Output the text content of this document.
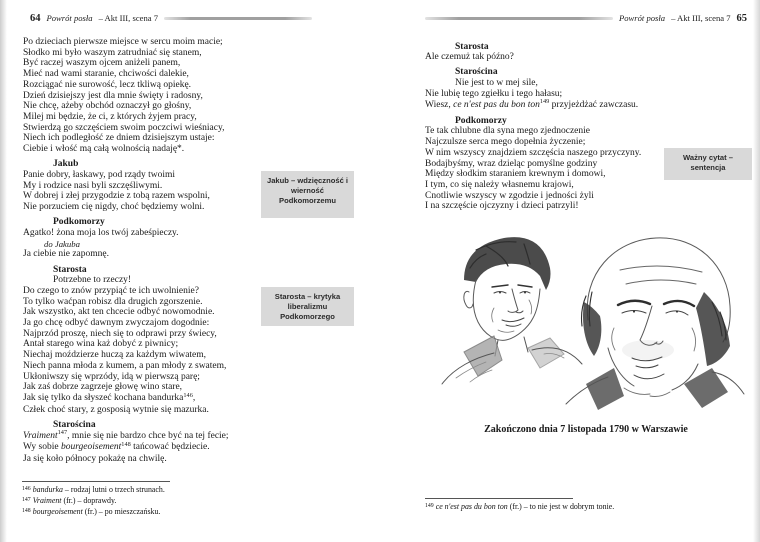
64 Powrót posła – Akt III, scena 7	Powrót posła – Akt III, scena 7 65
Po dzieciach pierwsze miejsce w sercu moim macie;
Słodko mi było waszym zatrudniać się stanem,
Być raczej waszym ojcem aniżeli panem,
Mieć nad wami staranie, chciwości dalekie,
Rozciągać nie surowość, lecz tkliwą opiekę.
Dzień dzisiejszy jest dla mnie święty i radosny,
Nie chcę, ażeby obchód oznaczył go głośny,
Milej mi będzie, że ci, z których żyjem pracy,
Stwierdzą go szczęściem swoim poczciwi wieśniacy,
Niech ich podległość ze dniem dzisiejszym ustaje:
Ciebie i włość mą całą wolnością nadaję*.
Jakub
Panie dobry, łaskawy, pod rządy twoimi
My i rodzice nasi byli szczęśliwymi.
W dobrej i złej przygodzie z tobą razem wspolni,
Nie porzuciem cię nigdy, choć będziemy wolni.
Podkomorzy
Agatko! żona moja los twój zabeśpieczy.
do Jakuba
Ja ciebie nie zapomnę.
Starosta
Potrzebne to rzeczy!
Do czego to znów przypiąć te ich uwolnienie?
To tylko waćpan robisz dla drugich zgorszenie.
Jak wszystko, akt ten chcecie odbyć nowomodnie.
Ja go chcę odbyć dawnym zwyczajom dogodnie:
Najprzód proszę, niech się to odprawi przy świecy,
Antał starego wina każ dobyć z piwnicy;
Niechaj moździerze huczą za każdym wiwatem,
Niech panna młoda z kumem, a pan młody z swatem,
Ukłoniwszy się wprzódy, idą w pierwszą parę;
Jak zaś dobrze zagrzeje głowę wino stare,
Jak się tylko da słyszeć kochana bandurka$^{146}$,
Człek choć stary, z gosposią wytnie się mazurka.
Starościna
Vraiment$^{147}$, mnie się nie bardzo chce być na tej fecie;
Wy sobie bourgeoisement$^{148}$ tańcować będziecie.
Ja się koło północy pokażę na chwilę.
Starosta
Ale czemuż tak późno?
Starościna
Nie jest to w mej sile,
Nie lubię tego zgiełku i tego hałasu;
Wiesz, ce n'est pas du bon ton$^{149}$ przyjeżdżać zawczasu.
Podkomorzy
Te tak chlubne dla syna mego zjednoczenie
Najczulsze serca mego dopełnia życzenie;
W nim wszyscy znajdziem szczęścia naszego przyczyny.
Bodajbyśmy, wraz dzieląc pomyślne godziny
Między słodkim staraniem krewnym i domowi,
I tym, co się należy własnemu krajowi,
Cnotliwie wszyscy w zgodzie i jedności żyli
I na szczęście ojczyzny i dzieci patrzyli!
Jakub – wdzięczność i wierność Podkomorzemu
Starosta – krytyka liberalizmu Podkomorzego
Ważny cytat – sentencja
Zakończono dnia 7 listopada 1790 w Warszawie
$^{146}$ bandurka – rodzaj lutni o trzech strunach.
$^{147}$ Vraiment (fr.) – doprawdy.
$^{148}$ bourgeoisement (fr.) – po mieszczańsku.
$^{149}$ ce n'est pas du bon ton (fr.) – to nie jest w dobrym tonie.
